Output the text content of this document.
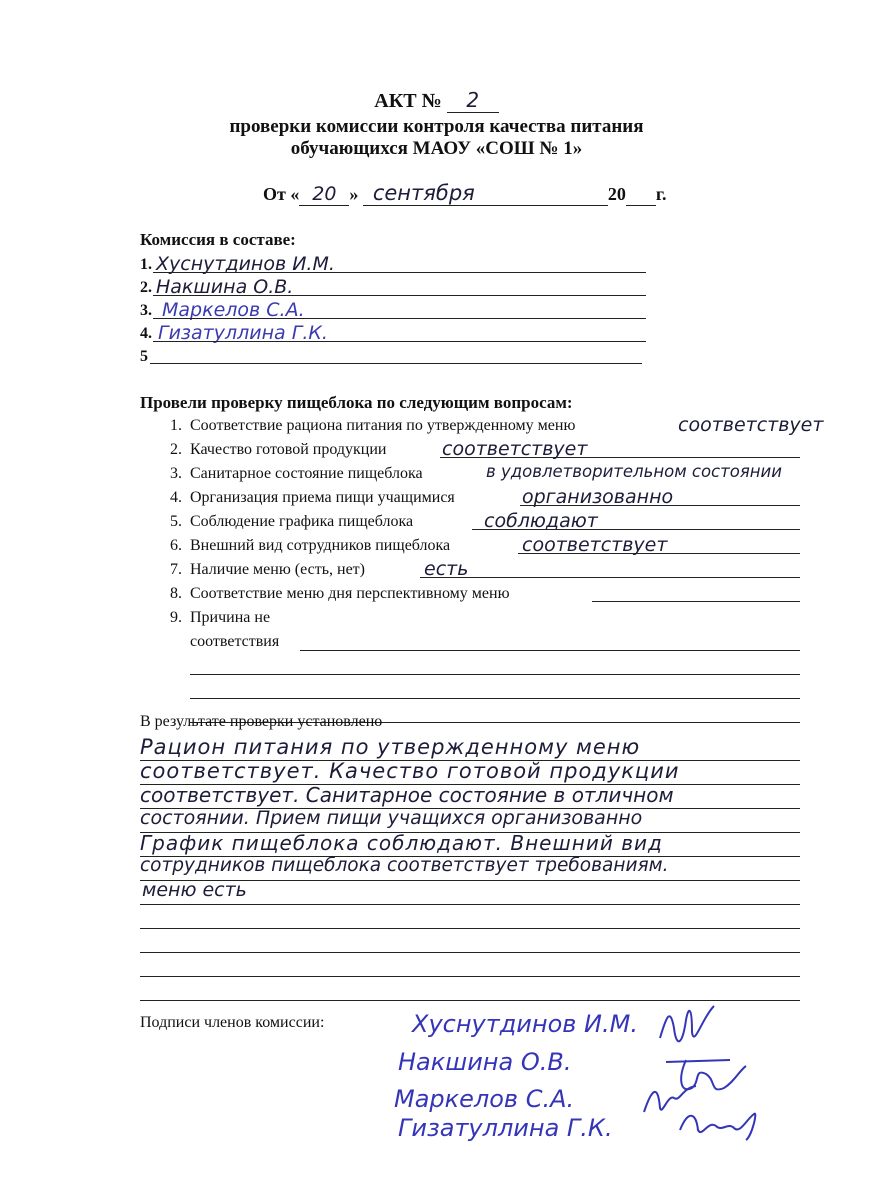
АКТ № 2
проверки комиссии контроля качества питания
обучающихся МАОУ «СОШ № 1»
От « 20 » сентября	20 г.
Комиссия в составе:
1. Хуснутдинов И.М.
2. Накшина О.В.
3. Маркелов С.А.
4. Гизатуллина Г.К.
5
Провели проверку пищеблока по следующим вопросам:
1. Соответствие рациона питания по утвержденному меню	соответствует
2. Качество готовой продукции	соответствует
3. Санитарное состояние пищеблока	в удовлетворительном состоянии
4. Организация приема пищи учащимися	организованно
5. Соблюдение графика пищеблока	соблюдают
6. Внешний вид сотрудников пищеблока	соответствует
7. Наличие меню (есть, нет)	есть
8. Соответствие меню дня перспективному меню
9. Причина не
соответствия
В результате проверки установлено
Рацион питания по утвержденному меню
соответствует. Качество готовой продукции
соответствует. Санитарное состояние в отличном
состоянии. Прием пищи учащихся организованно
График пищеблока соблюдают. Внешний вид
сотрудников пищеблока соответствует требованиям.
меню есть
Подписи членов комиссии:	Хуснутдинов И.М.
Накшина О.В.
Маркелов С.А.
Гизатуллина Г.К.
